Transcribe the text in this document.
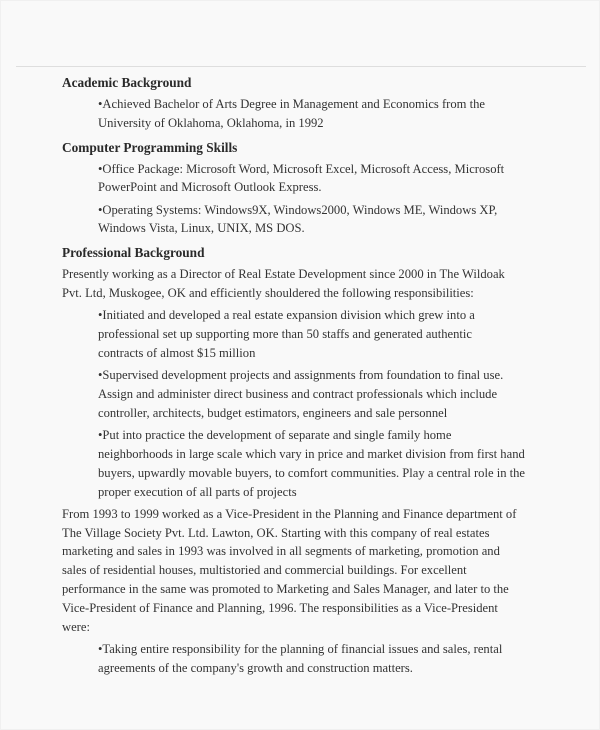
Academic Background
•Achieved Bachelor of Arts Degree in Management and Economics from the
University of Oklahoma, Oklahoma, in 1992
Computer Programming Skills
•Office Package: Microsoft Word, Microsoft Excel, Microsoft Access, Microsoft
PowerPoint and Microsoft Outlook Express.
•Operating Systems: Windows9X, Windows2000, Windows ME, Windows XP,
Windows Vista, Linux, UNIX, MS DOS.
Professional Background
Presently working as a Director of Real Estate Development since 2000 in The Wildoak
Pvt. Ltd, Muskogee, OK and efficiently shouldered the following responsibilities:
•Initiated and developed a real estate expansion division which grew into a
professional set up supporting more than 50 staffs and generated authentic
contracts of almost $15 million
•Supervised development projects and assignments from foundation to final use.
Assign and administer direct business and contract professionals which include
controller, architects, budget estimators, engineers and sale personnel
•Put into practice the development of separate and single family home
neighborhoods in large scale which vary in price and market division from first hand
buyers, upwardly movable buyers, to comfort communities. Play a central role in the
proper execution of all parts of projects
From 1993 to 1999 worked as a Vice-President in the Planning and Finance department of
The Village Society Pvt. Ltd. Lawton, OK. Starting with this company of real estates
marketing and sales in 1993 was involved in all segments of marketing, promotion and
sales of residential houses, multistoried and commercial buildings. For excellent
performance in the same was promoted to Marketing and Sales Manager, and later to the
Vice-President of Finance and Planning, 1996. The responsibilities as a Vice-President
were:
•Taking entire responsibility for the planning of financial issues and sales, rental
agreements of the company's growth and construction matters.
